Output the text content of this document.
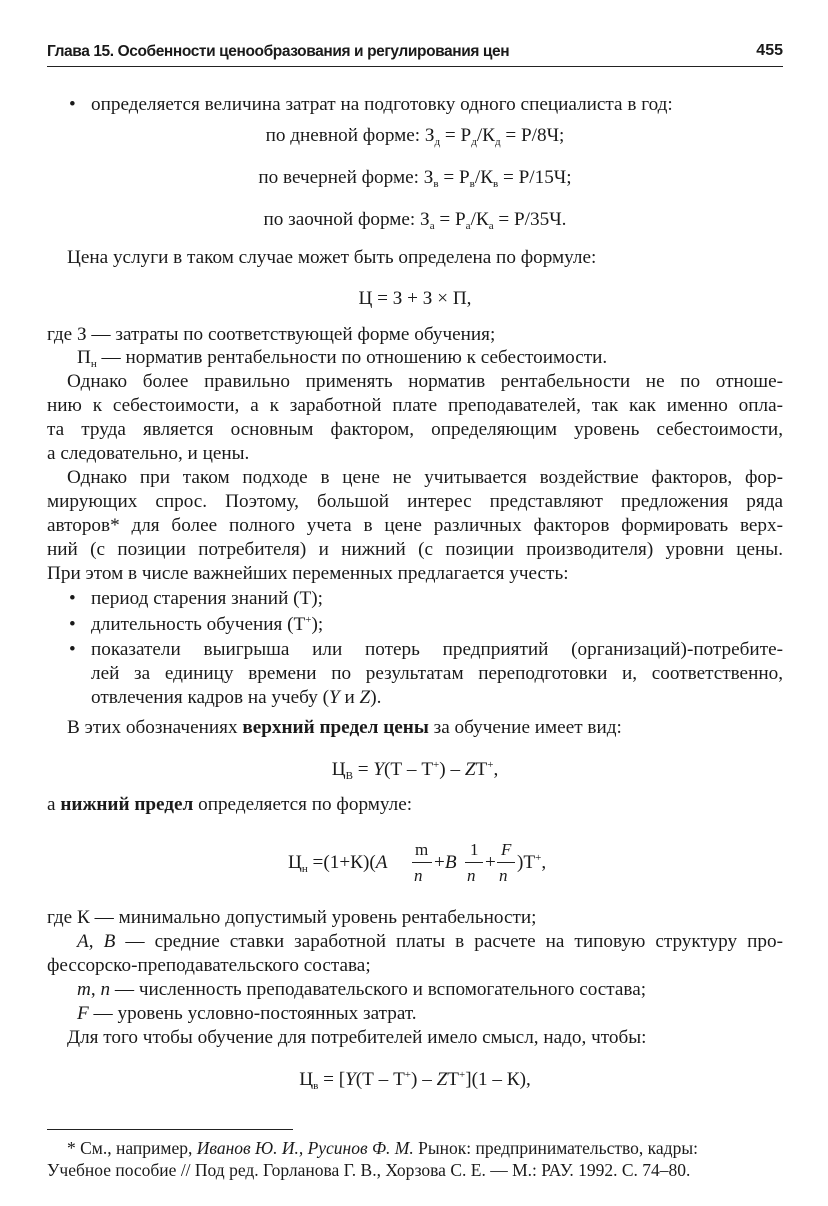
Глава 15. Особенности ценообразования и регулирования цен	455
• определяется величина затрат на подготовку одного специалиста в год:
по дневной форме: $З_д = Р_д/К_д = Р/8Ч$;
по вечерней форме: $З_в = Р_в/К_в = Р/15Ч$;
по заочной форме: $З_а = Р_а/К_а = Р/35Ч$.
Цена услуги в таком случае может быть определена по формуле:
Ц = З + З × П,
где З — затраты по соответствующей форме обучения;
$П_н$ — норматив рентабельности по отношению к себестоимости.
Однако более правильно применять норматив рентабельности не по отноше-
нию к себестоимости, а к заработной плате преподавателей, так как именно опла-
та труда является основным фактором, определяющим уровень себестоимости,
а следовательно, и цены.
Однако при таком подходе в цене не учитывается воздействие факторов, фор-
мирующих спрос. Поэтому, большой интерес представляют предложения ряда
авторов* для более полного учета в цене различных факторов формировать верх-
ний (с позиции потребителя) и нижний (с позиции производителя) уровни цены.
При этом в числе важнейших переменных предлагается учесть:
• период старения знаний (Т);
• длительность обучения (Т+);
• показатели выигрыша или потерь предприятий (организаций)-потребите-
лей за единицу времени по результатам переподготовки и, соответственно,
отвлечения кадров на учебу (Y и Z).
В этих обозначениях верхний предел цены за обучение имеет вид:
$Ц_В = Y(Т - Т^+) - ZТ^+$,
а нижний предел определяется по формуле:
$Ц_н =(1+К)(A$
m
n
+B
1
n
+
F
n
)Т+,
где К — минимально допустимый уровень рентабельности;
А, В — средние ставки заработной платы в расчете на типовую структуру про-
фессорско-преподавательского состава;
m, n — численность преподавательского и вспомогательного состава;
F — уровень условно-постоянных затрат.
Для того чтобы обучение для потребителей имело смысл, надо, чтобы:
$Ц_в = [Y(Т - Т^+) - ZТ^+](1 - К)$,
* См., например, Иванов Ю. И., Русинов Ф. М. Рынок: предпринимательство, кадры:
Учебное пособие // Под ред. Горланова Г. В., Хорзова С. Е. — М.: РАУ. 1992. С. 74–80.
